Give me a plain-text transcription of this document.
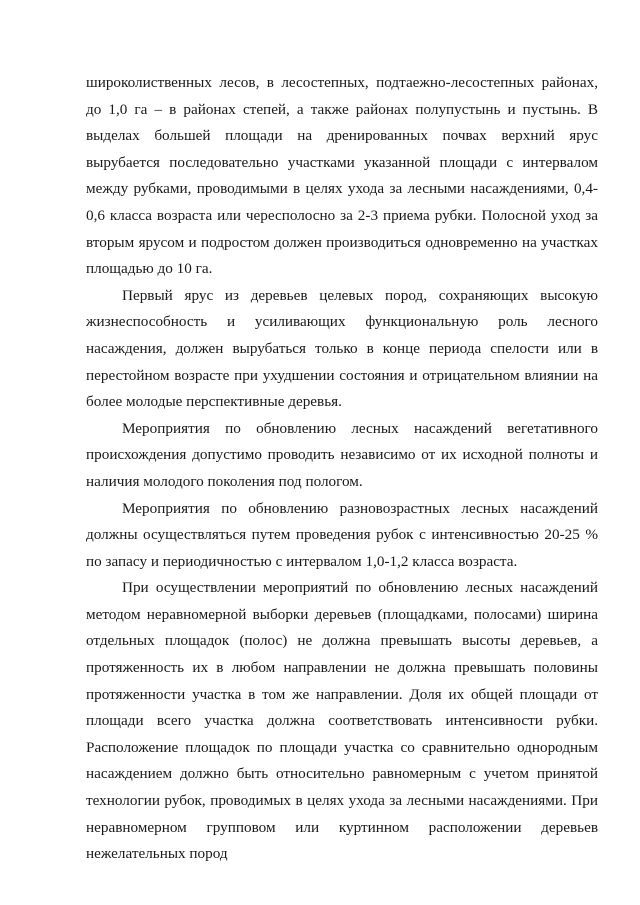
широколиственных лесов, в лесостепных, подтаежно-лесостепных районах, до 1,0 га – в районах степей, а также районах полупустынь и пустынь. В выделах большей площади на дренированных почвах верхний ярус вырубается последовательно участками указанной площади с интервалом между рубками, проводимыми в целях ухода за лесными насаждениями, 0,4-0,6 класса возраста или чересполосно за 2-3 приема рубки. Полосной уход за вторым ярусом и подростом должен производиться одновременно на участках площадью до 10 га.

Первый ярус из деревьев целевых пород, сохраняющих высокую жизнеспособность и усиливающих функциональную роль лесного насаждения, должен вырубаться только в конце периода спелости или в перестойном возрасте при ухудшении состояния и отрицательном влиянии на более молодые перспективные деревья.

Мероприятия по обновлению лесных насаждений вегетативного происхождения допустимо проводить независимо от их исходной полноты и наличия молодого поколения под пологом.

Мероприятия по обновлению разновозрастных лесных насаждений должны осуществляться путем проведения рубок с интенсивностью 20-25 % по запасу и периодичностью с интервалом 1,0-1,2 класса возраста.

При осуществлении мероприятий по обновлению лесных насаждений методом неравномерной выборки деревьев (площадками, полосами) ширина отдельных площадок (полос) не должна превышать высоты деревьев, а протяженность их в любом направлении не должна превышать половины протяженности участка в том же направлении. Доля их общей площади от площади всего участка должна соответствовать интенсивности рубки. Расположение площадок по площади участка со сравнительно однородным насаждением должно быть относительно равномерным с учетом принятой технологии рубок, проводимых в целях ухода за лесными насаждениями. При неравномерном групповом или куртинном расположении деревьев нежелательных пород
